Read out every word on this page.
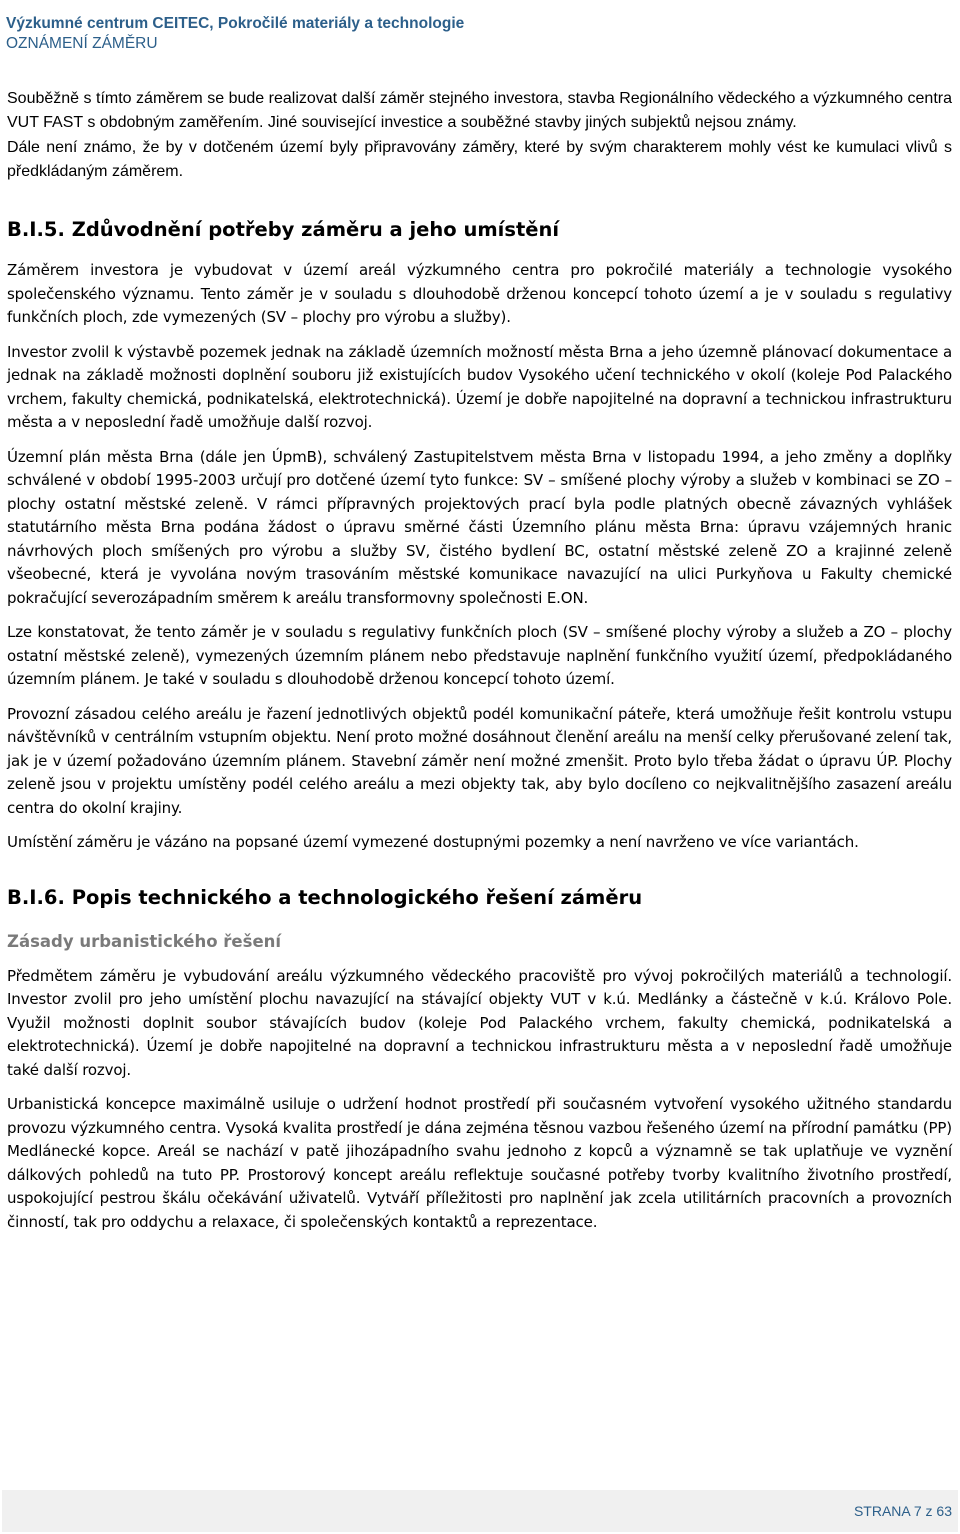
Výzkumné centrum CEITEC, Pokročilé materiály a technologie
OZNÁMENÍ ZÁMĚRU

Souběžně s tímto záměrem se bude realizovat další záměr stejného investora, stavba Regionálního vědeckého a výzkumného centra VUT FAST s obdobným zaměřením. Jiné související investice a souběžné stavby jiných subjektů nejsou známy.

Dále není známo, že by v dotčeném území byly připravovány záměry, které by svým charakterem mohly vést ke kumulaci vlivů s předkládaným záměrem.

B.I.5. Zdůvodnění potřeby záměru a jeho umístění

Záměrem investora je vybudovat v území areál výzkumného centra pro pokročilé materiály a technologie vysokého společenského významu. Tento záměr je v souladu s dlouhodobě drženou koncepcí tohoto území a je v souladu s regulativy funkčních ploch, zde vymezených (SV – plochy pro výrobu a služby).

Investor zvolil k výstavbě pozemek jednak na základě územních možností města Brna a jeho územně plánovací dokumentace a jednak na základě možnosti doplnění souboru již existujících budov Vysokého učení technického v okolí (koleje Pod Palackého vrchem, fakulty chemická, podnikatelská, elektrotechnická). Území je dobře napojitelné na dopravní a technickou infrastrukturu města a v neposlední řadě umožňuje další rozvoj.

Územní plán města Brna (dále jen ÚpmB), schválený Zastupitelstvem města Brna v listopadu 1994, a jeho změny a doplňky schválené v období 1995-2003 určují pro dotčené území tyto funkce: SV – smíšené plochy výroby a služeb v kombinaci se ZO – plochy ostatní městské zeleně. V rámci přípravných projektových prací byla podle platných obecně závazných vyhlášek statutárního města Brna podána žádost o úpravu směrné části Územního plánu města Brna: úpravu vzájemných hranic návrhových ploch smíšených pro výrobu a služby SV, čistého bydlení BC, ostatní městské zeleně ZO a krajinné zeleně všeobecné, která je vyvolána novým trasováním městské komunikace navazující na ulici Purkyňova u Fakulty chemické pokračující severozápadním směrem k areálu transformovny společnosti E.ON.

Lze konstatovat, že tento záměr je v souladu s regulativy funkčních ploch (SV – smíšené plochy výroby a služeb a ZO – plochy ostatní městské zeleně), vymezených územním plánem nebo představuje naplnění funkčního využití území, předpokládaného územním plánem. Je také v souladu s dlouhodobě drženou koncepcí tohoto území.

Provozní zásadou celého areálu je řazení jednotlivých objektů podél komunikační páteře, která umožňuje řešit kontrolu vstupu návštěvníků v centrálním vstupním objektu. Není proto možné dosáhnout členění areálu na menší celky přerušované zelení tak, jak je v území požadováno územním plánem. Stavební záměr není možné zmenšit. Proto bylo třeba žádat o úpravu ÚP. Plochy zeleně jsou v projektu umístěny podél celého areálu a mezi objekty tak, aby bylo docíleno co nejkvalitnějšího zasazení areálu centra do okolní krajiny.

Umístění záměru je vázáno na popsané území vymezené dostupnými pozemky a není navrženo ve více variantách.

B.I.6. Popis technického a technologického řešení záměru
Zásady urbanistického řešení

Předmětem záměru je vybudování areálu výzkumného vědeckého pracoviště pro vývoj pokročilých materiálů a technologií. Investor zvolil pro jeho umístění plochu navazující na stávající objekty VUT v k.ú. Medlánky a částečně v k.ú. Královo Pole. Využil možnosti doplnit soubor stávajících budov (koleje Pod Palackého vrchem, fakulty chemická, podnikatelská a elektrotechnická). Území je dobře napojitelné na dopravní a technickou infrastrukturu města a v neposlední řadě umožňuje také další rozvoj.

Urbanistická koncepce maximálně usiluje o udržení hodnot prostředí při současném vytvoření vysokého užitného standardu provozu výzkumného centra. Vysoká kvalita prostředí je dána zejména těsnou vazbou řešeného území na přírodní památku (PP) Medlánecké kopce. Areál se nachází v patě jihozápadního svahu jednoho z kopců a významně se tak uplatňuje ve vyznění dálkových pohledů na tuto PP. Prostorový koncept areálu reflektuje současné potřeby tvorby kvalitního životního prostředí, uspokojující pestrou škálu očekávání uživatelů. Vytváří příležitosti pro naplnění jak zcela utilitárních pracovních a provozních činností, tak pro oddychu a relaxace, či společenských kontaktů a reprezentace.

STRANA 7 z 63
